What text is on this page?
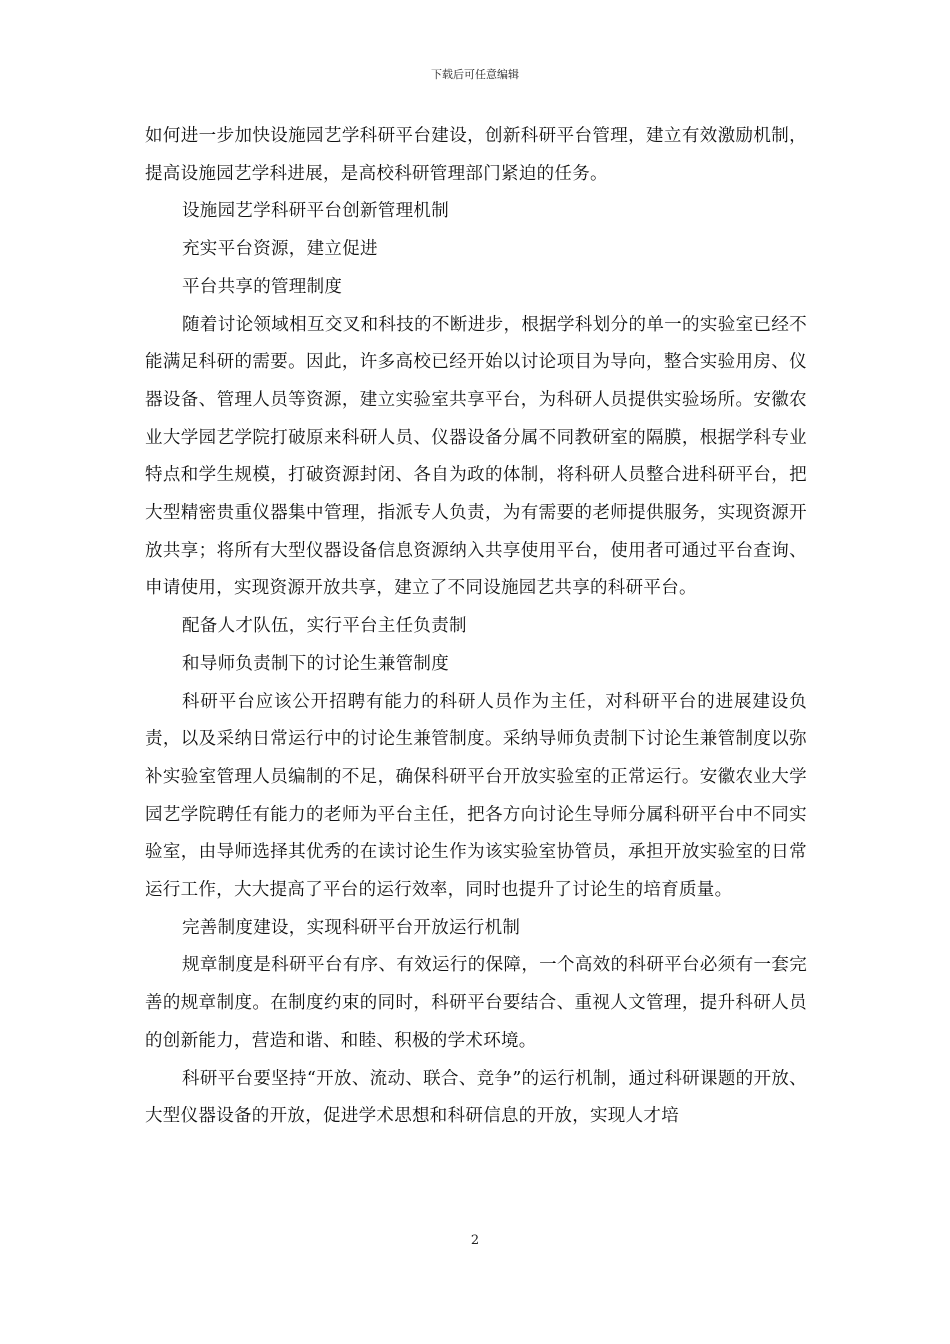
下载后可任意编辑

如何进一步加快设施园艺学科研平台建设，创新科研平台管理，建立有效激励机制，提高设施园艺学科进展，是高校科研管理部门紧迫的任务。

设施园艺学科研平台创新管理机制

充实平台资源，建立促进

平台共享的管理制度

随着讨论领域相互交叉和科技的不断进步，根据学科划分的单一的实验室已经不能满足科研的需要。因此，许多高校已经开始以讨论项目为导向，整合实验用房、仪器设备、管理人员等资源，建立实验室共享平台，为科研人员提供实验场所。安徽农业大学园艺学院打破原来科研人员、仪器设备分属不同教研室的隔膜，根据学科专业特点和学生规模，打破资源封闭、各自为政的体制，将科研人员整合进科研平台，把大型精密贵重仪器集中管理，指派专人负责，为有需要的老师提供服务，实现资源开放共享；将所有大型仪器设备信息资源纳入共享使用平台，使用者可通过平台查询、申请使用，实现资源开放共享，建立了不同设施园艺共享的科研平台。

配备人才队伍，实行平台主任负责制

和导师负责制下的讨论生兼管制度

科研平台应该公开招聘有能力的科研人员作为主任，对科研平台的进展建设负责，以及采纳日常运行中的讨论生兼管制度。采纳导师负责制下讨论生兼管制度以弥补实验室管理人员编制的不足，确保科研平台开放实验室的正常运行。安徽农业大学园艺学院聘任有能力的老师为平台主任，把各方向讨论生导师分属科研平台中不同实验室，由导师选择其优秀的在读讨论生作为该实验室协管员，承担开放实验室的日常运行工作，大大提高了平台的运行效率，同时也提升了讨论生的培育质量。

完善制度建设，实现科研平台开放运行机制

规章制度是科研平台有序、有效运行的保障，一个高效的科研平台必须有一套完善的规章制度。在制度约束的同时，科研平台要结合、重视人文管理，提升科研人员的创新能力，营造和谐、和睦、积极的学术环境。

科研平台要坚持“开放、流动、联合、竞争”的运行机制，通过科研课题的开放、大型仪器设备的开放，促进学术思想和科研信息的开放，实现人才培

2
